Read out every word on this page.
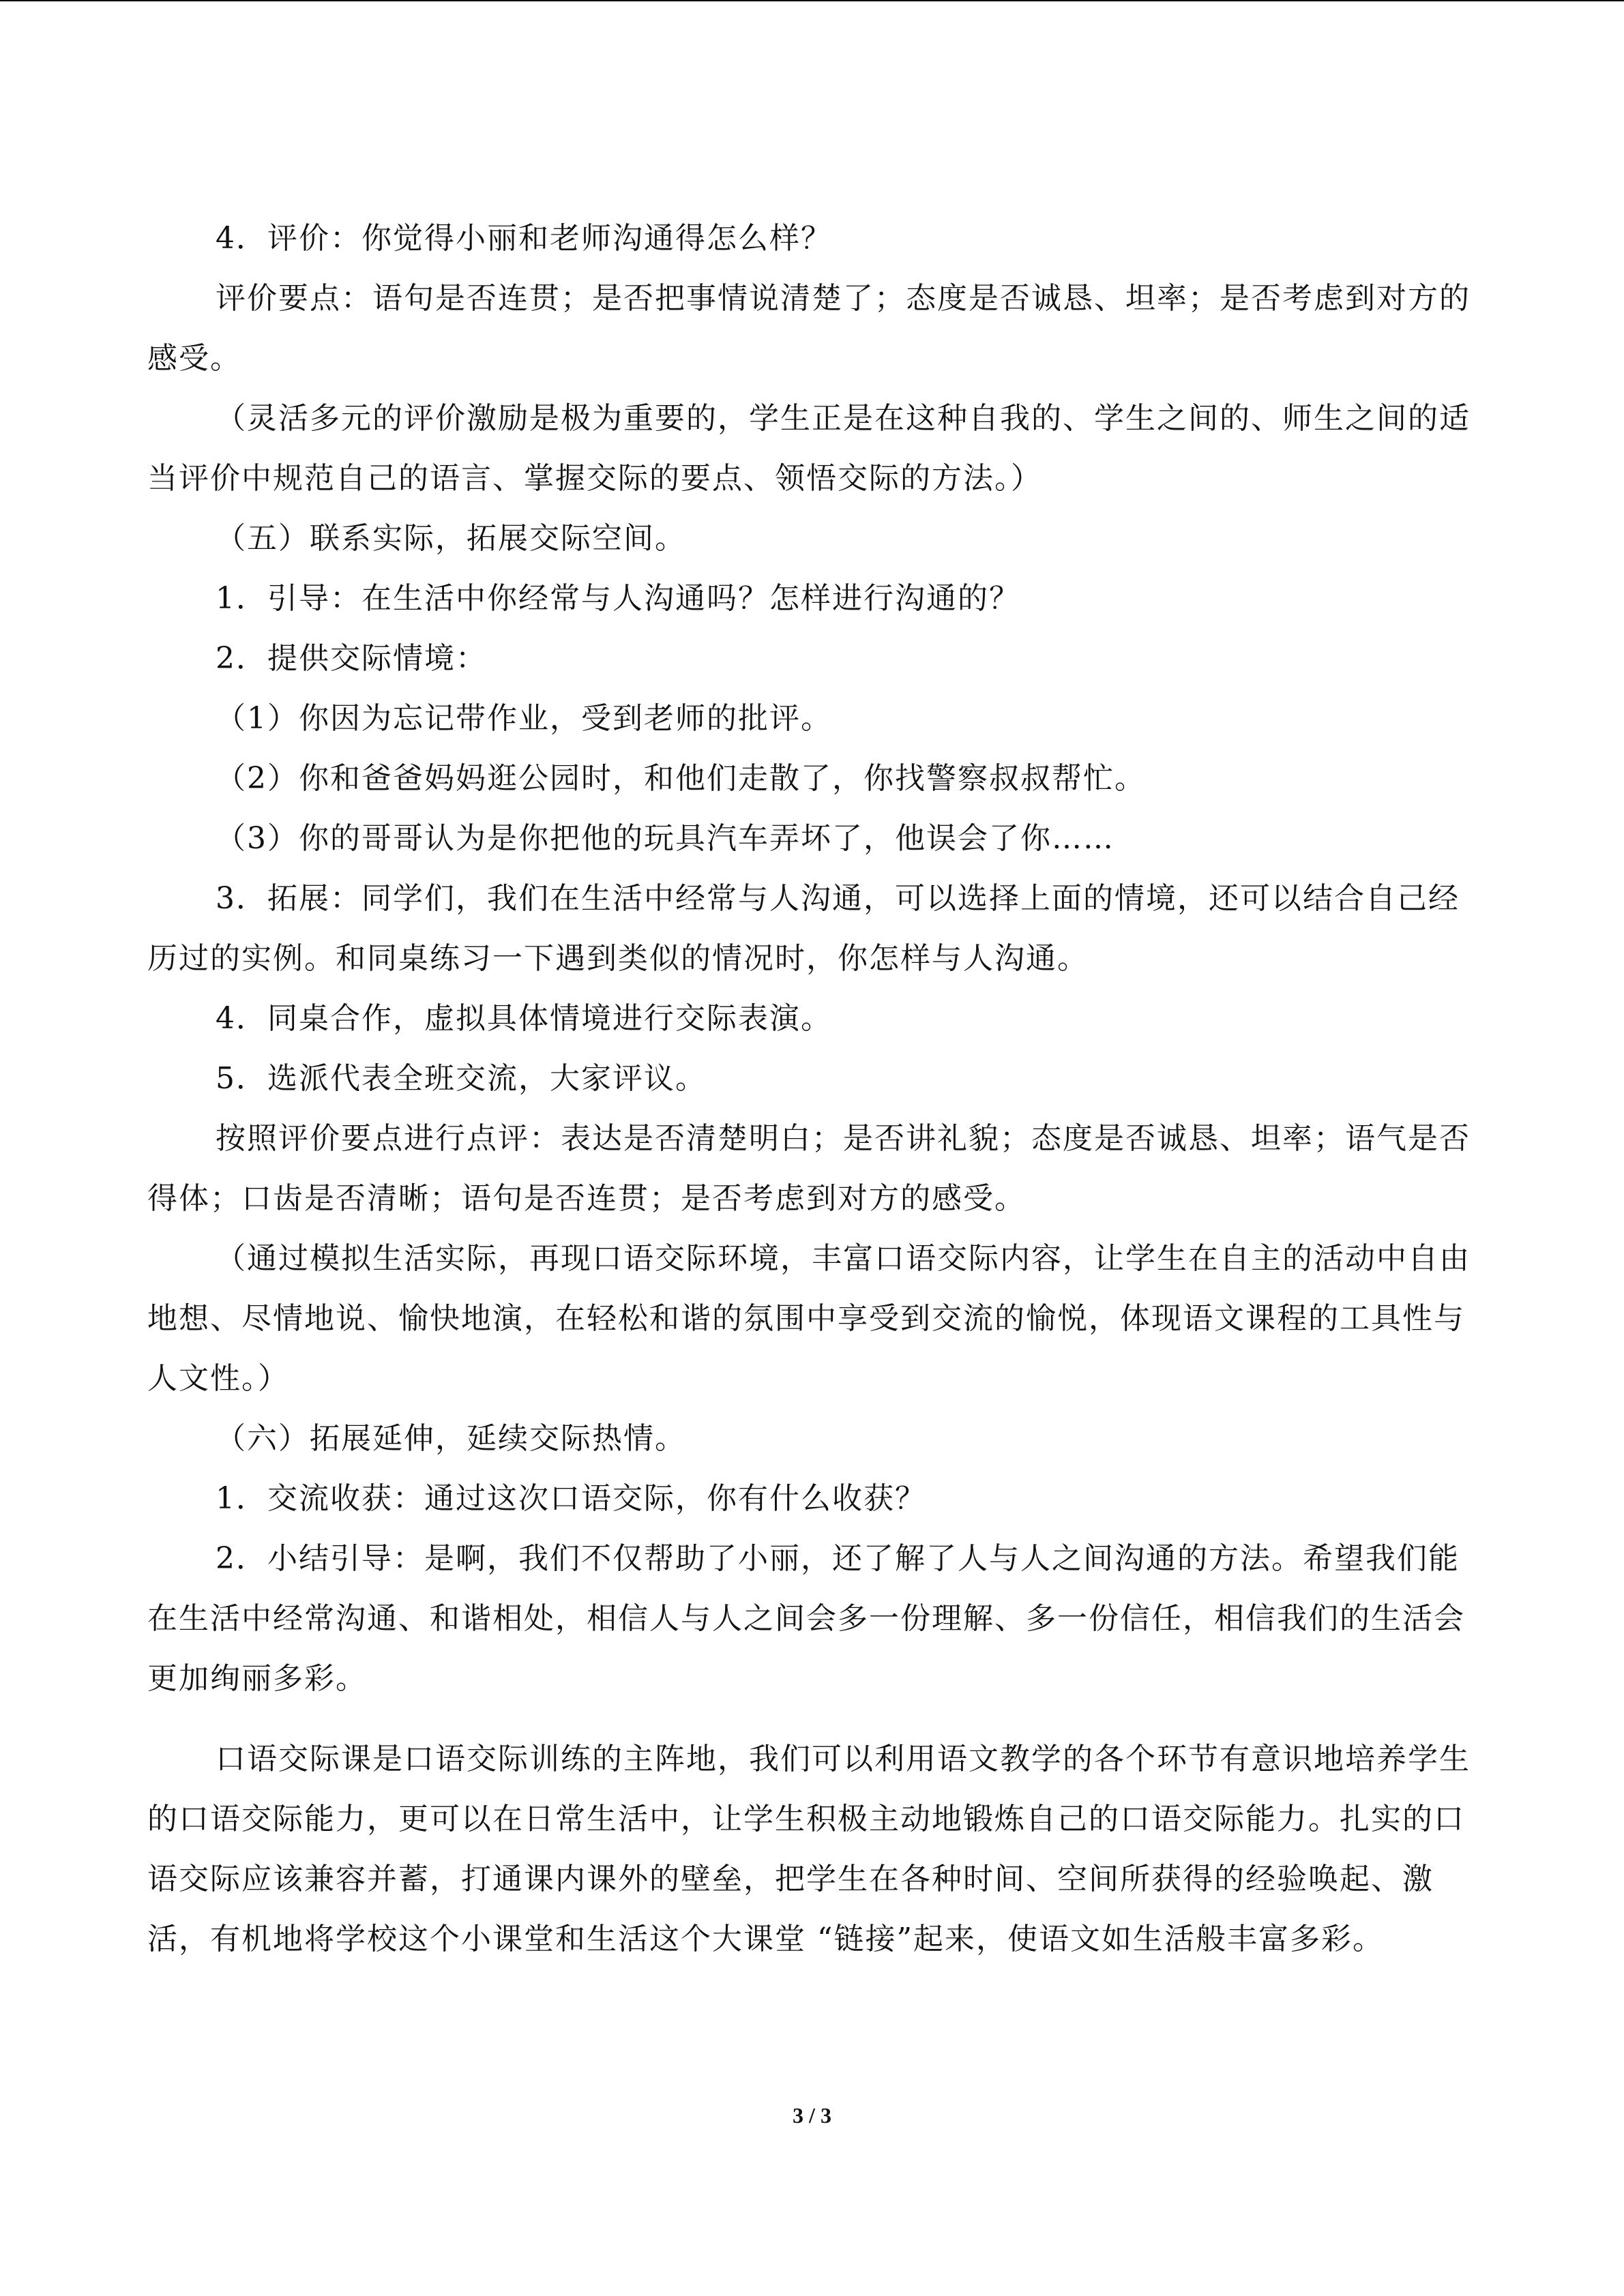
4．评价：你觉得小丽和老师沟通得怎么样？

评价要点：语句是否连贯；是否把事情说清楚了；态度是否诚恳、坦率；是否考虑到对方的感受。

（灵活多元的评价激励是极为重要的，学生正是在这种自我的、学生之间的、师生之间的适当评价中规范自己的语言、掌握交际的要点、领悟交际的方法。）

（五）联系实际，拓展交际空间。

1．引导：在生活中你经常与人沟通吗？怎样进行沟通的？

2．提供交际情境：

（1）你因为忘记带作业，受到老师的批评。

（2）你和爸爸妈妈逛公园时，和他们走散了，你找警察叔叔帮忙。

（3）你的哥哥认为是你把他的玩具汽车弄坏了，他误会了你……

3．拓展：同学们，我们在生活中经常与人沟通，可以选择上面的情境，还可以结合自己经历过的实例。和同桌练习一下遇到类似的情况时，你怎样与人沟通。

4．同桌合作，虚拟具体情境进行交际表演。

5．选派代表全班交流，大家评议。

按照评价要点进行点评：表达是否清楚明白；是否讲礼貌；态度是否诚恳、坦率；语气是否得体；口齿是否清晰；语句是否连贯；是否考虑到对方的感受。

（通过模拟生活实际，再现口语交际环境，丰富口语交际内容，让学生在自主的活动中自由地想、尽情地说、愉快地演，在轻松和谐的氛围中享受到交流的愉悦，体现语文课程的工具性与人文性。）

（六）拓展延伸，延续交际热情。

1．交流收获：通过这次口语交际，你有什么收获？

2．小结引导：是啊，我们不仅帮助了小丽，还了解了人与人之间沟通的方法。希望我们能在生活中经常沟通、和谐相处，相信人与人之间会多一份理解、多一份信任，相信我们的生活会更加绚丽多彩。

口语交际课是口语交际训练的主阵地，我们可以利用语文教学的各个环节有意识地培养学生的口语交际能力，更可以在日常生活中，让学生积极主动地锻炼自己的口语交际能力。扎实的口语交际应该兼容并蓄，打通课内课外的壁垒，把学生在各种时间、空间所获得的经验唤起、激活，有机地将学校这个小课堂和生活这个大课堂 “链接”起来，使语文如生活般丰富多彩。

3 / 3
